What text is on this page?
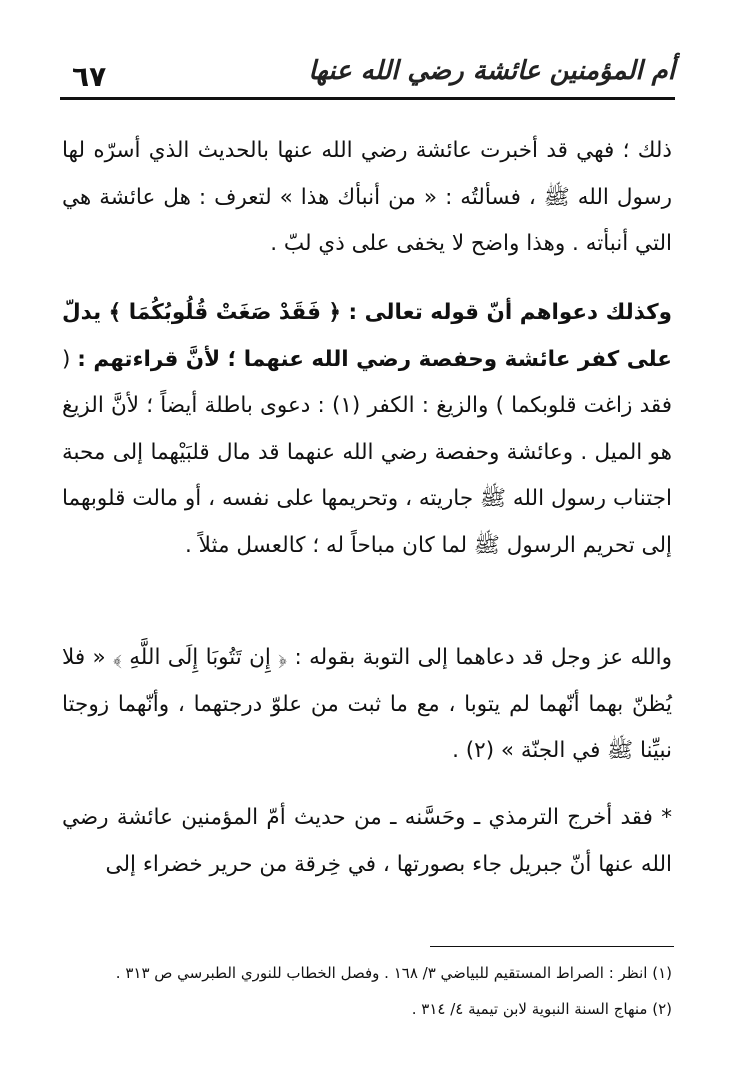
أم المؤمنين عائشة رضي الله عنها
٦٧

ذلك ؛ فهي قد أخبرت عائشة رضي الله عنها بالحديث الذي أسرّه لها رسول الله ﷺ ، فسألتُه : « من أنبأك هذا » لتعرف : هل عائشة هي التي أنبأته . وهذا واضح لا يخفى على ذي لبّ .

وكذلك دعواهم أنّ قوله تعالى : ﴿ فَقَدْ صَغَتْ قُلُوبُكُمَا ﴾ يدلّ على كفر عائشة وحفصة رضي الله عنهما ؛ لأنَّ قراءتهم : ( فقد زاغت قلوبكما ) والزيغ : الكفر (١) : دعوى باطلة أيضاً ؛ لأنَّ الزيغ هو الميل . وعائشة وحفصة رضي الله عنهما قد مال قلبَيْهما إلى محبة اجتناب رسول الله ﷺ جاريته ، وتحريمها على نفسه ، أو مالت قلوبهما إلى تحريم الرسول ﷺ لما كان مباحاً له ؛ كالعسل مثلاً .

والله عز وجل قد دعاهما إلى التوبة بقوله : ﴿ إِن تَتُوبَا إِلَى اللَّهِ ﴾ « فلا يُظنّ بهما أنّهما لم يتوبا ، مع ما ثبت من علوّ درجتهما ، وأنّهما زوجتا نبيِّنا ﷺ في الجنّة » (٢) .

* فقد أخرج الترمذي ـ وحَسَّنه ـ من حديث أمّ المؤمنين عائشة رضي الله عنها أنّ جبريل جاء بصورتها ، في خِرقة من حرير خضراء إلى

(١) انظر : الصراط المستقيم للبياضي ٣/ ١٦٨ . وفصل الخطاب للنوري الطبرسي ص ٣١٣ .

(٢) منهاج السنة النبوية لابن تيمية ٤/ ٣١٤ .
